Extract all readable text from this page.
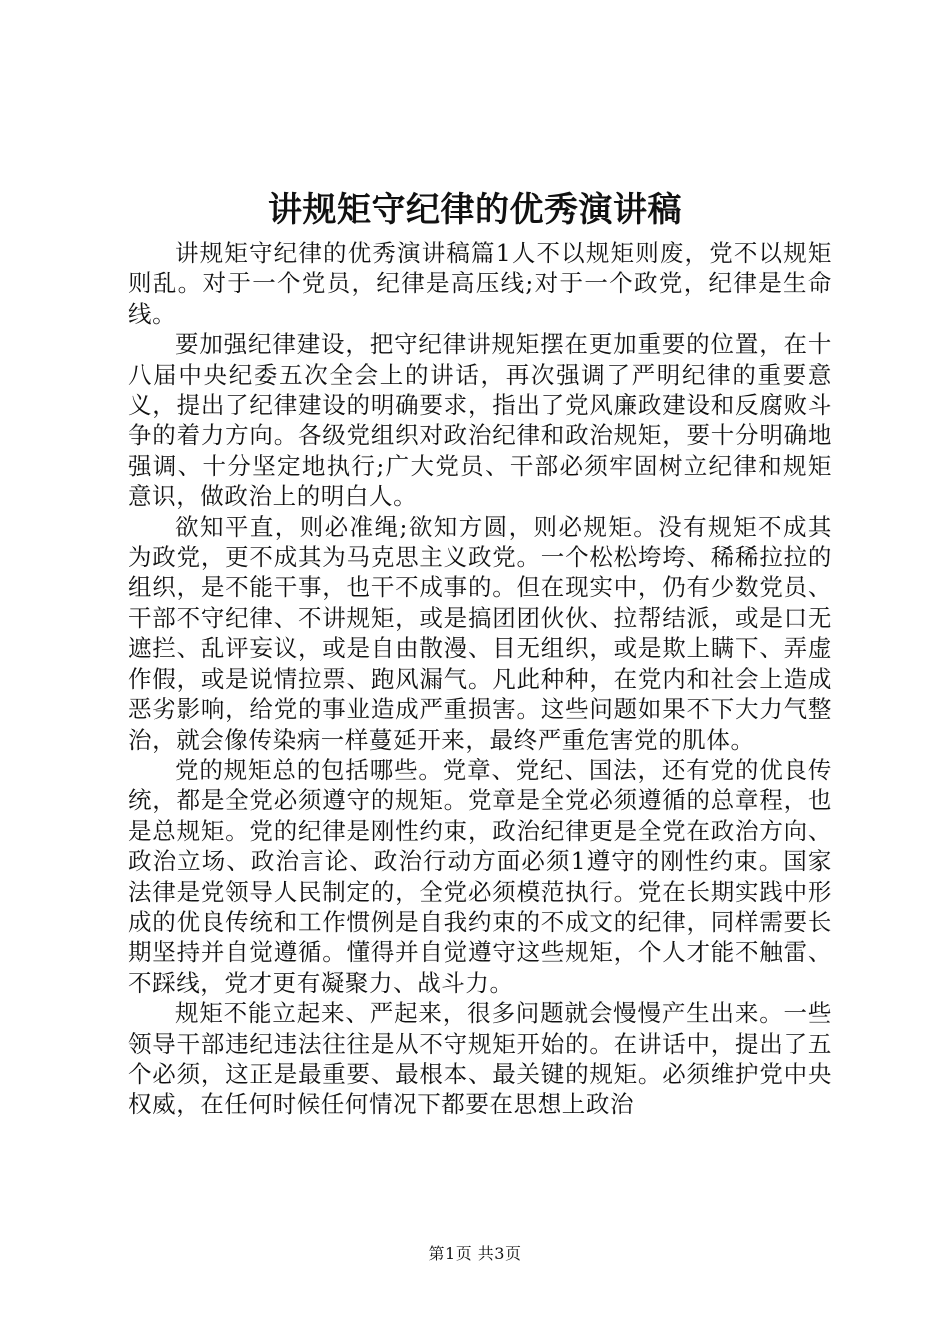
讲规矩守纪律的优秀演讲稿

讲规矩守纪律的优秀演讲稿篇1人不以规矩则废，党不以规矩则乱。对于一个党员，纪律是高压线;对于一个政党，纪律是生命线。

要加强纪律建设，把守纪律讲规矩摆在更加重要的位置，在十八届中央纪委五次全会上的讲话，再次强调了严明纪律的重要意义，提出了纪律建设的明确要求，指出了党风廉政建设和反腐败斗争的着力方向。各级党组织对政治纪律和政治规矩，要十分明确地强调、十分坚定地执行;广大党员、干部必须牢固树立纪律和规矩意识，做政治上的明白人。

欲知平直，则必准绳;欲知方圆，则必规矩。没有规矩不成其为政党，更不成其为马克思主义政党。一个松松垮垮、稀稀拉拉的组织，是不能干事，也干不成事的。但在现实中，仍有少数党员、干部不守纪律、不讲规矩，或是搞团团伙伙、拉帮结派，或是口无遮拦、乱评妄议，或是自由散漫、目无组织，或是欺上瞒下、弄虚作假，或是说情拉票、跑风漏气。凡此种种，在党内和社会上造成恶劣影响，给党的事业造成严重损害。这些问题如果不下大力气整治，就会像传染病一样蔓延开来，最终严重危害党的肌体。

党的规矩总的包括哪些。党章、党纪、国法，还有党的优良传统，都是全党必须遵守的规矩。党章是全党必须遵循的总章程，也是总规矩。党的纪律是刚性约束，政治纪律更是全党在政治方向、政治立场、政治言论、政治行动方面必须1遵守的刚性约束。国家法律是党领导人民制定的，全党必须模范执行。党在长期实践中形成的优良传统和工作惯例是自我约束的不成文的纪律，同样需要长期坚持并自觉遵循。懂得并自觉遵守这些规矩，个人才能不触雷、不踩线，党才更有凝聚力、战斗力。

规矩不能立起来、严起来，很多问题就会慢慢产生出来。一些领导干部违纪违法往往是从不守规矩开始的。在讲话中，提出了五个必须，这正是最重要、最根本、最关键的规矩。必须维护党中央权威，在任何时候任何情况下都要在思想上政治

第1页 共3页
